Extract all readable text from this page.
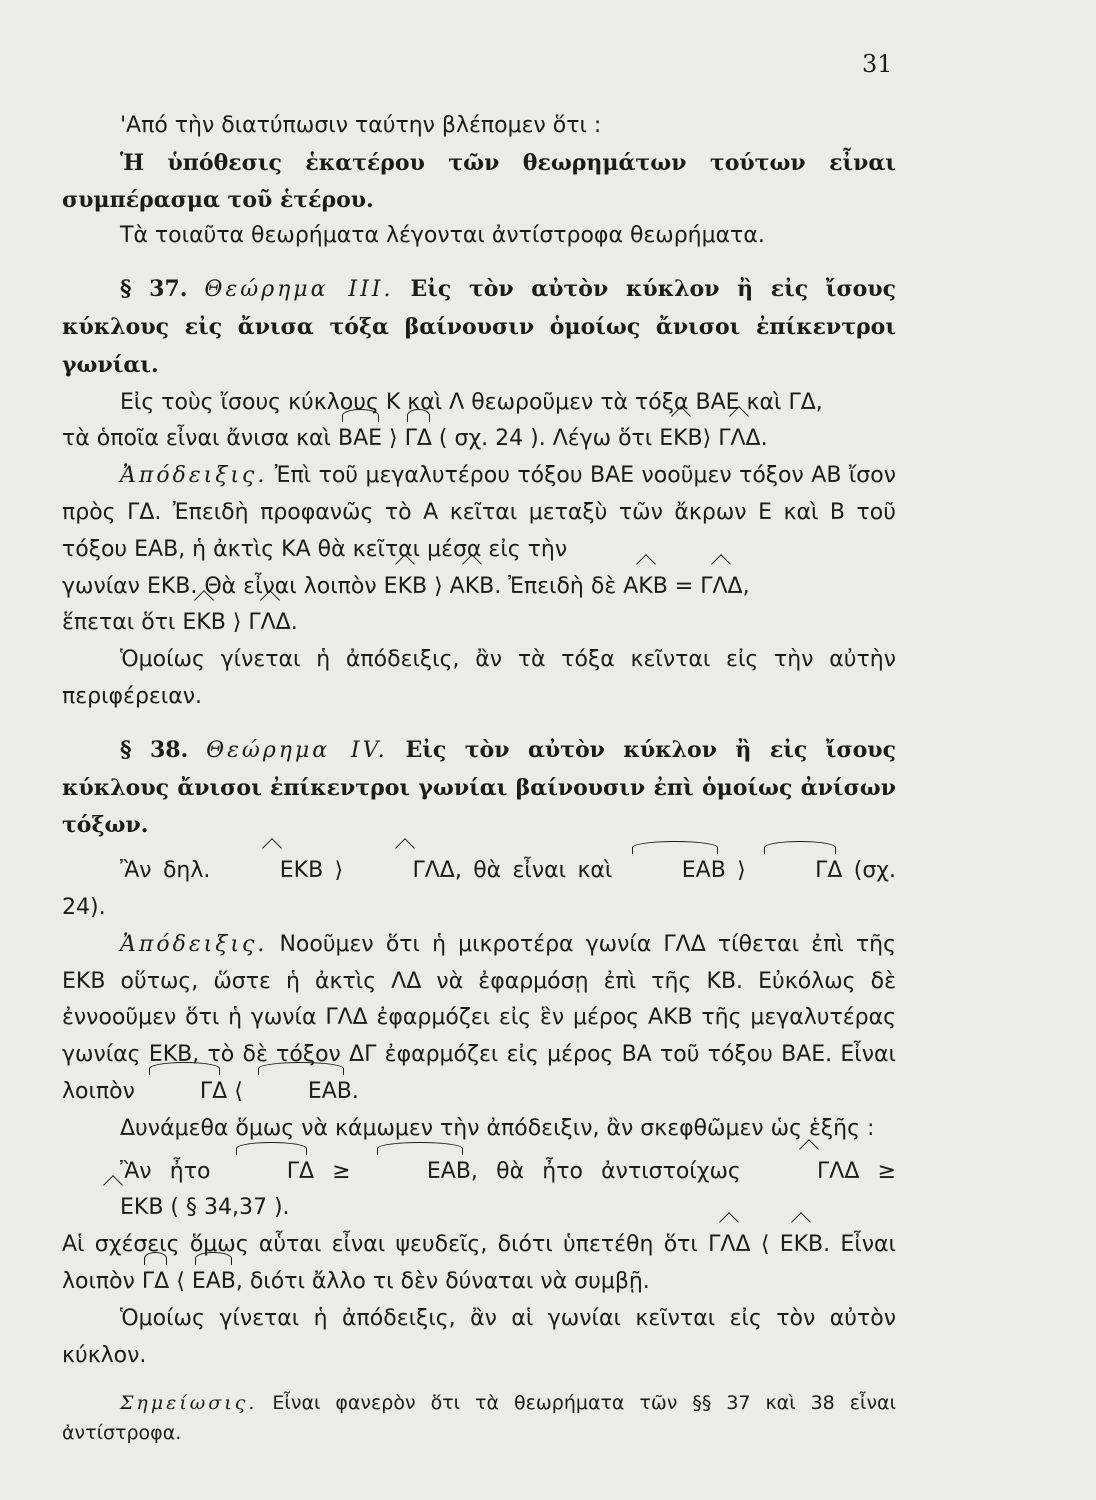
31

'Από τὴν διατύπωσιν ταύτην βλέπομεν ὅτι :

Ἡ ὑπόθεσις ἑκατέρου τῶν θεωρημάτων τούτων εἶναι συμπέρασμα τοῦ ἑτέρου.

Τὰ τοιαῦτα θεωρήματα λέγονται ἀντίστροφα θεωρήματα.

§ 37. Θεώρημα III. Εἰς τὸν αὐτὸν κύκλον ἢ εἰς ἴσους κύκλους εἰς ἄνισα τόξα βαίνουσιν ὁμοίως ἄνισοι ἐπίκεντροι γωνίαι.

Εἰς τοὺς ἴσους κύκλους Κ καὶ Λ θεωροῦμεν τὰ τόξα ΒΑΕ καὶ ΓΔ,

τὰ ὁποῖα εἶναι ἄνισα καὶ ΒΑΕ ⟩ ΓΔ ( σχ. 24 ). Λέγω ὅτι ΕΚΒ⟩ ΓΛΔ.

Ἀπόδειξις. Ἐπὶ τοῦ μεγαλυτέρου τόξου ΒΑΕ νοοῦμεν τόξον ΑΒ ἴσον πρὸς ΓΔ. Ἐπειδὴ προφανῶς τὸ Α κεῖται μεταξὺ τῶν ἄκρων Ε καὶ Β τοῦ τόξου ΕΑΒ, ἡ ἀκτὶς ΚΑ θὰ κεῖται μέσα εἰς τὴν

γωνίαν ΕΚΒ. Θὰ εἶναι λοιπὸν ΕΚΒ ⟩ ΑΚΒ. Ἐπειδὴ δὲ ΑΚΒ = ΓΛΔ,

ἕπεται ὅτι ΕΚΒ ⟩ ΓΛΔ.

Ὁμοίως γίνεται ἡ ἀπόδειξις, ἂν τὰ τόξα κεῖνται εἰς τὴν αὐτὴν περιφέρειαν.

§ 38. Θεώρημα IV. Εἰς τὸν αὐτὸν κύκλον ἢ εἰς ἴσους κύκλους ἄνισοι ἐπίκεντροι γωνίαι βαίνουσιν ἐπὶ ὁμοίως ἀνίσων τόξων.

Ἂν δηλ.	ΕΚΒ ⟩	ΓΛΔ, θὰ εἶναι καὶ	ΕΑΒ ⟩	ΓΔ (σχ. 24).

Ἀπόδειξις. Νοοῦμεν ὅτι ἡ μικροτέρα γωνία ΓΛΔ τίθεται ἐπὶ τῆς ΕΚΒ οὕτως, ὥστε ἡ ἀκτὶς ΛΔ νὰ ἐφαρμόσῃ ἐπὶ τῆς ΚΒ. Εὐκόλως δὲ ἐννοοῦμεν ὅτι ἡ γωνία ΓΛΔ ἐφαρμόζει εἰς ἓν μέρος ΑΚΒ τῆς μεγαλυτέρας γωνίας ΕΚΒ, τὸ δὲ τόξον ΔΓ ἐφαρμόζει εἰς μέρος ΒΑ τοῦ τόξου ΒΑΕ. Εἶναι λοιπὸν	ΓΔ ⟨	ΕΑΒ.

Δυνάμεθα ὅμως νὰ κάμωμεν τὴν ἀπόδειξιν, ἂν σκεφθῶμεν ὡς ἑξῆς :

Ἂν ἦτο	ΓΔ ≥	ΕΑΒ, θὰ ἦτο ἀντιστοίχως	ΓΛΔ ≥ ΕΚΒ ( § 34,37 ).

Αἱ σχέσεις ὅμως αὗται εἶναι ψευδεῖς, διότι ὑπετέθη ὅτι ΓΛΔ ⟨ ΕΚΒ. Εἶναι λοιπὸν ΓΔ ⟨ ΕΑΒ, διότι ἄλλο τι δὲν δύναται νὰ συμβῇ.

Ὁμοίως γίνεται ἡ ἀπόδειξις, ἂν αἱ γωνίαι κεῖνται εἰς τὸν αὐτὸν κύκλον.

Σημείωσις. Εἶναι φανερὸν ὅτι τὰ θεωρήματα τῶν §§ 37 καὶ 38 εἶναι ἀντίστροφα.
